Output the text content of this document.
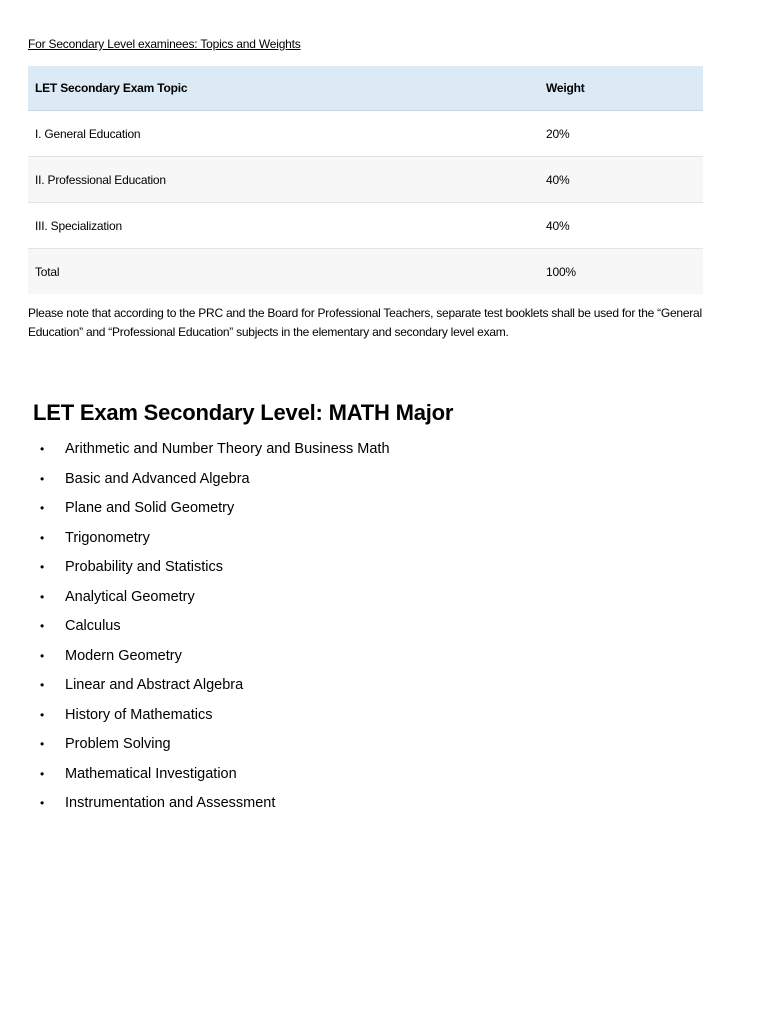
For Secondary Level examinees: Topics and Weights
LET Secondary Exam Topic	Weight
I. General Education	20%
II. Professional Education	40%
III. Specialization	40%
Total	100%

Please note that according to the PRC and the Board for Professional Teachers, separate test booklets shall be used for the “General Education” and “Professional Education” subjects in the elementary and secondary level exam.

LET Exam Secondary Level: MATH Major
•	Arithmetic and Number Theory and Business Math
•	Basic and Advanced Algebra
•	Plane and Solid Geometry
•	Trigonometry
•	Probability and Statistics
•	Analytical Geometry
•	Calculus
•	Modern Geometry
•	Linear and Abstract Algebra
•	History of Mathematics
•	Problem Solving
•	Mathematical Investigation
•	Instrumentation and Assessment
